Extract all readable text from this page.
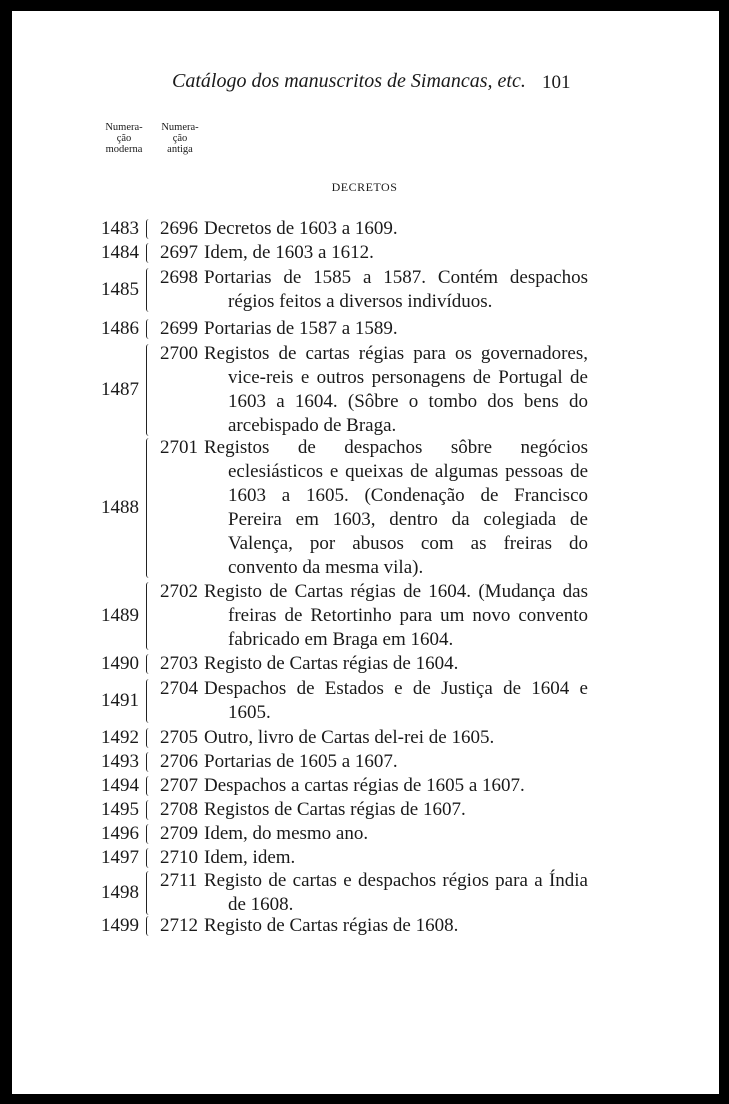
Catálogo dos manuscritos de Simancas, etc. 101
Numera-
ção
moderna
Numera-
ção
antiga
DECRETOS
1483 2696 Decretos de 1603 a 1609.
1484 2697 Idem, de 1603 a 1612.
1485
2698 Portarias de 1585 a 1587. Contém despachos régios feitos a diversos indivíduos.
1486 2699 Portarias de 1587 a 1589.
1487
2700 Registos de cartas régias para os governadores, vice-reis e outros personagens de Portugal de 1603 a 1604. (Sôbre o tombo dos bens do arcebispado de Braga.
1488
2701 Registos de despachos sôbre negócios eclesiásticos e queixas de algumas pessoas de 1603 a 1605. (Condenação de Francisco Pereira em 1603, dentro da colegiada de Valença, por abusos com as freiras do convento da mesma vila).
1489
2702 Registo de Cartas régias de 1604. (Mudança das freiras de Retortinho para um novo convento fabricado em Braga em 1604.
1490 2703 Registo de Cartas régias de 1604.
1491
2704 Despachos de Estados e de Justiça de 1604 e 1605.
1492 2705 Outro, livro de Cartas del-rei de 1605.
1493 2706 Portarias de 1605 a 1607.
1494 2707 Despachos a cartas régias de 1605 a 1607.
1495 2708 Registos de Cartas régias de 1607.
1496 2709 Idem, do mesmo ano.
1497 2710 Idem, idem.
1498
2711 Registo de cartas e despachos régios para a Índia de 1608.
1499 2712 Registo de Cartas régias de 1608.
